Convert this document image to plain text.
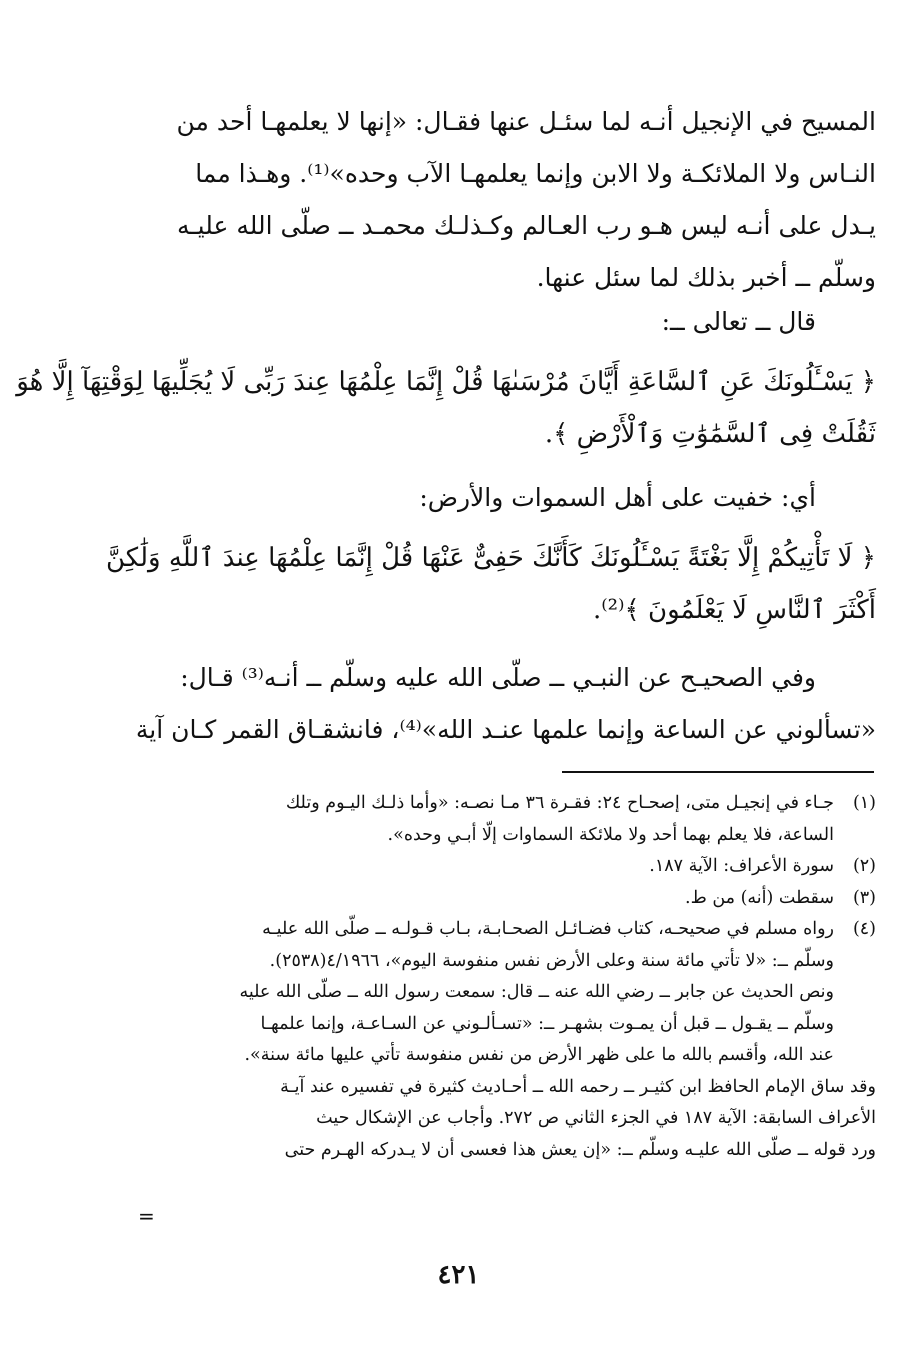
المسيح في الإنجيل أنـه لما سئـل عنها فقـال: «إنها لا يعلمهـا أحد من
النـاس ولا الملائكـة ولا الابن وإنما يعلمهـا الآب وحده»⁽¹⁾. وهـذا مما
يـدل على أنـه ليس هـو رب العـالم وكـذلـك محمـد ــ صلّى الله عليـه
وسلّم ــ أخبر بذلك لما سئل عنها.
قال ــ تعالى ــ:
﴿ يَسْـَٔلُونَكَ عَنِ ٱلسَّاعَةِ أَيَّانَ مُرْسَىٰهَا قُلْ إِنَّمَا عِلْمُهَا عِندَ رَبِّى لَا يُجَلِّيهَا لِوَقْتِهَآ إِلَّا هُوَ
ثَقُلَتْ فِى ٱلسَّمَٰوَٰتِ وَٱلْأَرْضِ ﴾.
أي: خفيت على أهل السموات والأرض:
﴿ لَا تَأْتِيكُمْ إِلَّا بَغْتَةً يَسْـَٔلُونَكَ كَأَنَّكَ حَفِىٌّ عَنْهَا قُلْ إِنَّمَا عِلْمُهَا عِندَ ٱللَّهِ وَلَٰكِنَّ
أَكْثَرَ ٱلنَّاسِ لَا يَعْلَمُونَ ﴾⁽²⁾.
وفي الصحيـح عن النبـي ــ صلّى الله عليه وسلّم ــ أنـه⁽³⁾ قـال:
«تسألوني عن الساعة وإنما علمها عنـد الله»⁽⁴⁾، فانشقـاق القمر كـان آية
(١)
جـاء في إنجيـل متى، إصحـاح ٢٤: فقـرة ٣٦ مـا نصـه: «وأما ذلـك اليـوم وتلك
الساعة، فلا يعلم بهما أحد ولا ملائكة السماوات إلّا أبـي وحده».
(٢)
سورة الأعراف: الآية ١٨٧.
(٣)
سقطت (أنه) من ط.
(٤)
رواه مسلم في صحيحـه، كتاب فضـائـل الصحـابـة، بـاب قـولـه ــ صلّى الله عليـه
وسلّم ــ: «لا تأتي مائة سنة وعلى الأرض نفس منفوسة اليوم»، ٤/١٩٦٦(٢٥٣٨).
ونص الحديث عن جابر ــ رضي الله عنه ــ قال: سمعت رسول الله ــ صلّى الله عليه
وسلّم ــ يقـول ــ قبل أن يمـوت بشهـر ــ: «تسـألـوني عن السـاعـة، وإنما علمهـا
عند الله، وأقسم بالله ما على ظهر الأرض من نفس منفوسة تأتي عليها مائة سنة».
وقد ساق الإمام الحافظ ابن كثيـر ــ رحمه الله ــ أحـاديث كثيرة في تفسيره عند آيـة
الأعراف السابقة: الآية ١٨٧ في الجزء الثاني ص ٢٧٢. وأجاب عن الإشكال حيث
ورد قوله ــ صلّى الله عليـه وسلّم ــ: «إن يعش هذا فعسى أن لا يـدركه الهـرم حتى
=
٤٢١
